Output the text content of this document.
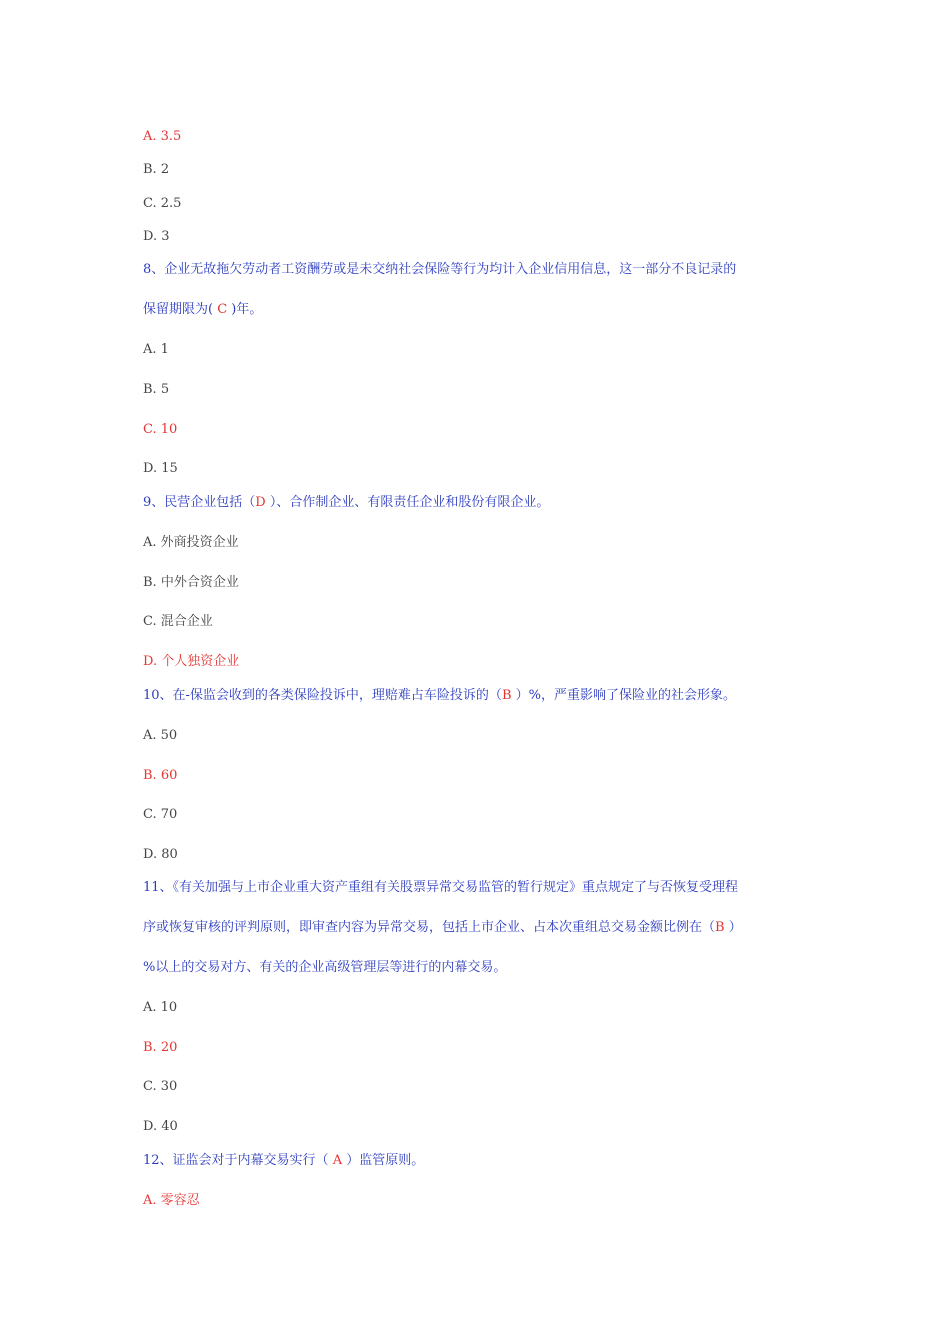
A. 3.5
B. 2
C. 2.5
D. 3
8、企业无故拖欠劳动者工资酬劳或是未交纳社会保险等行为均计入企业信用信息，这一部分不良记录的
保留期限为( C )年。
A. 1
B. 5
C. 10
D. 15
9、民营企业包括（D ）、合作制企业、有限责任企业和股份有限企业。
A. 外商投资企业
B. 中外合资企业
C. 混合企业
D. 个人独资企业
10、在-保监会收到的各类保险投诉中，理赔难占车险投诉的（B ）%，严重影响了保险业的社会形象。
A. 50
B. 60
C. 70
D. 80
11、《有关加强与上市企业重大资产重组有关股票异常交易监管的暂行规定》重点规定了与否恢复受理程
序或恢复审核的评判原则，即审查内容为异常交易，包括上市企业、占本次重组总交易金额比例在（B ）
%以上的交易对方、有关的企业高级管理层等进行的内幕交易。
A. 10
B. 20
C. 30
D. 40
12、证监会对于内幕交易实行（ A ）监管原则。
A. 零容忍
